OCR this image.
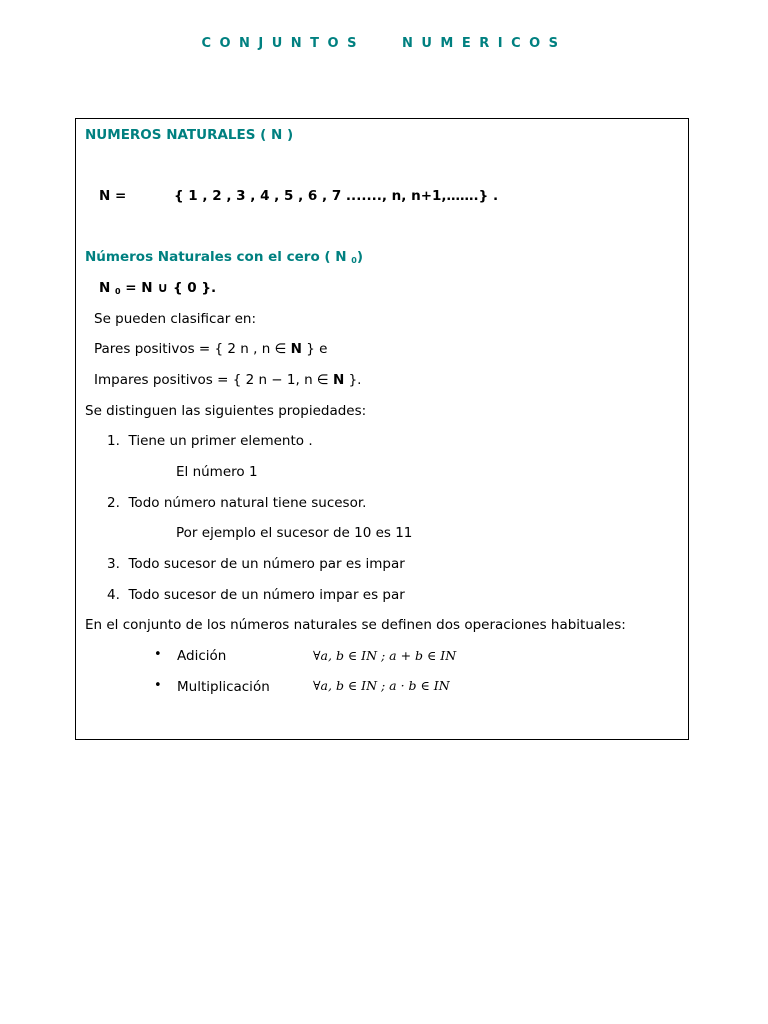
CONJUNTOS NUMERICOS
NUMEROS NATURALES ( N )
N =	{ 1 , 2 , 3 , 4 , 5 , 6 , 7 ......., n, n+1,…….} .
Números Naturales con el cero ( N 0)
N 0 = N ∪ { 0 }.
Se pueden clasificar en:
Pares positivos = { 2 n , n ∈ N } e
Impares positivos = { 2 n − 1, n ∈ N }.
Se distinguen las siguientes propiedades:
1. Tiene un primer elemento .
El número 1
2. Todo número natural tiene sucesor.
Por ejemplo el sucesor de 10 es 11
3. Todo sucesor de un número par es impar
4. Todo sucesor de un número impar es par
En el conjunto de los números naturales se definen dos operaciones habituales:
• Adición	∀a, b ∈ IN ; a + b ∈ IN
• Multiplicación	∀a, b ∈ IN ; a · b ∈ IN
